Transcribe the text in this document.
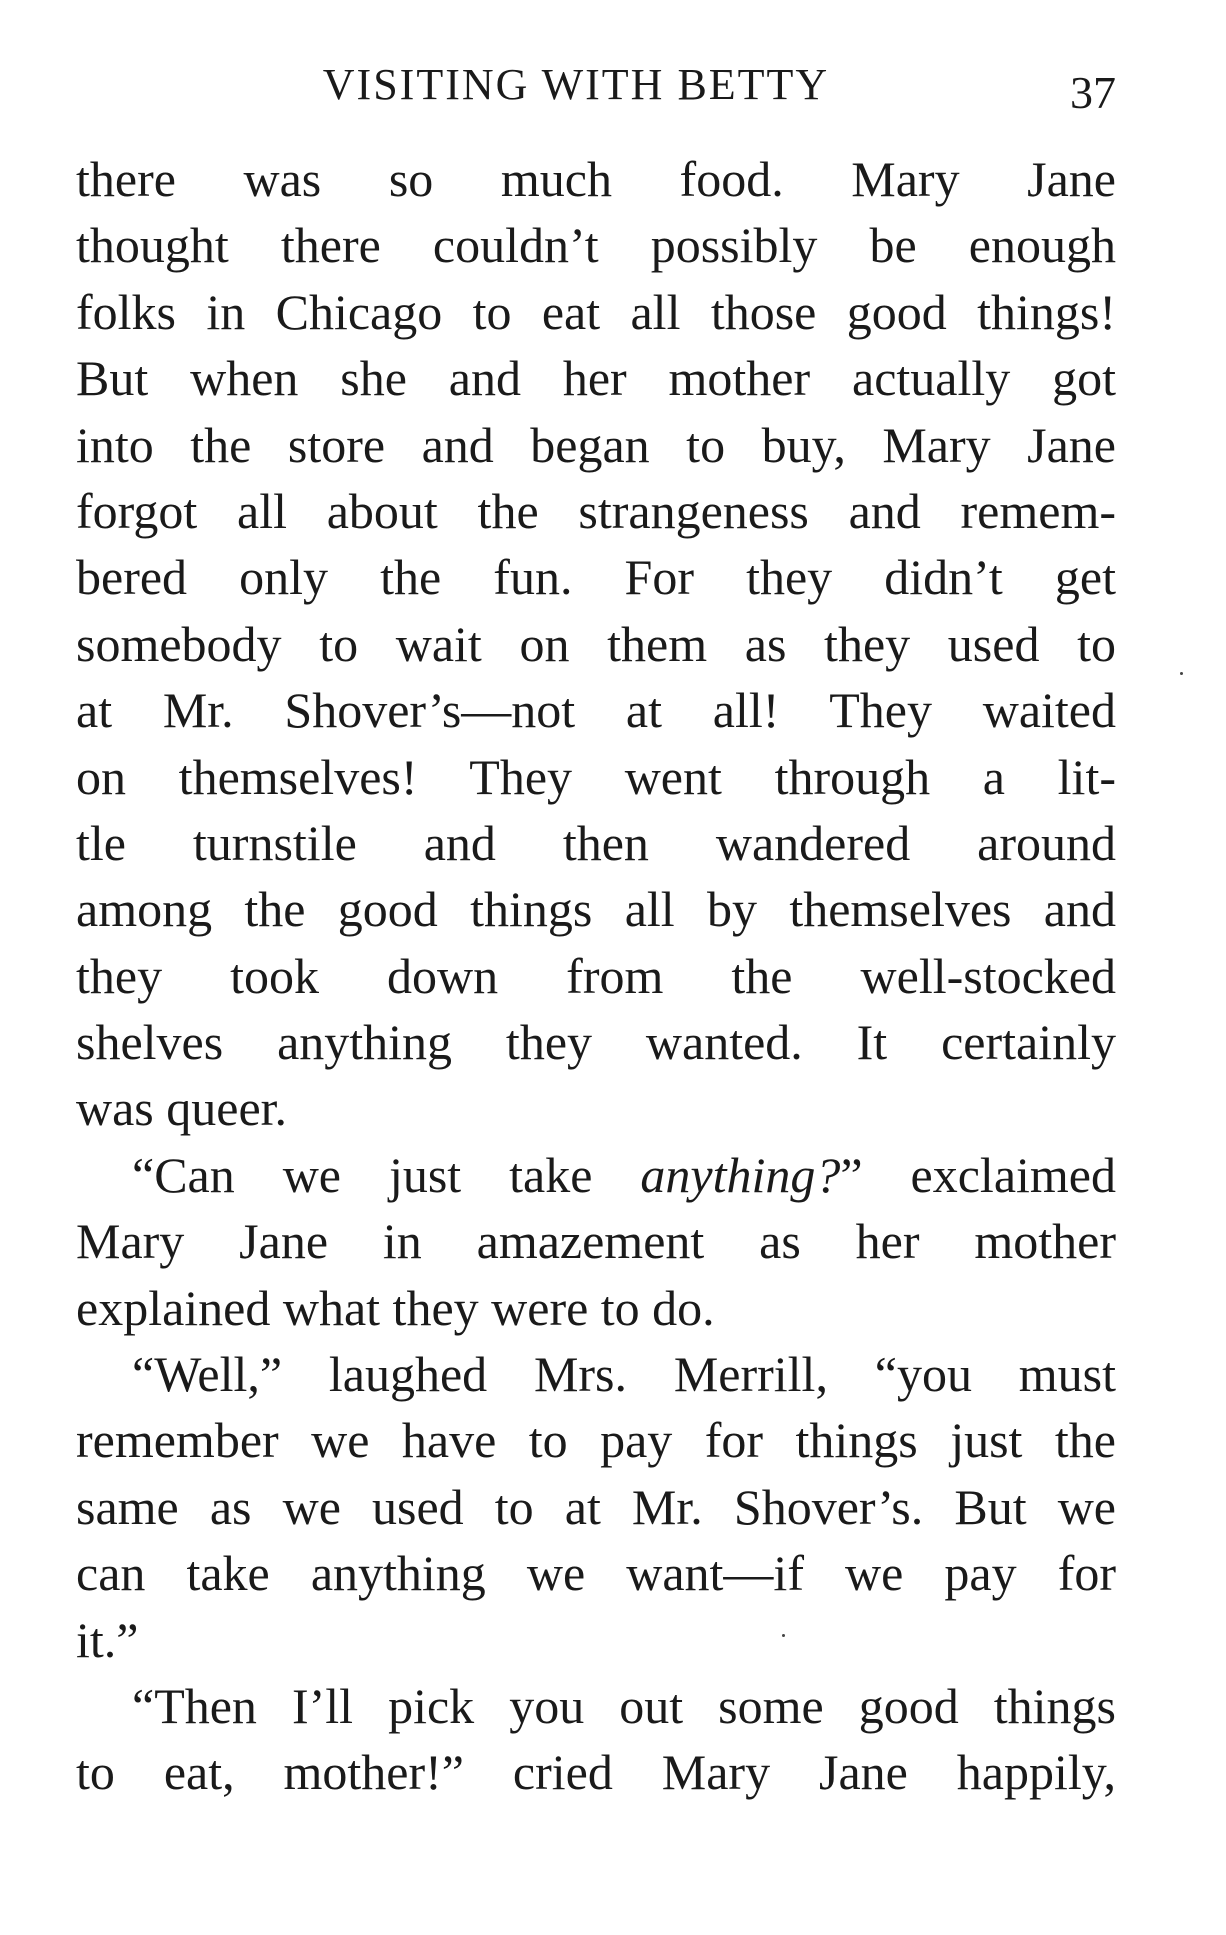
VISITING WITH BETTY	37
there was so much food. Mary Jane
thought there couldn’t possibly be enough
folks in Chicago to eat all those good things!
But when she and her mother actually got
into the store and began to buy, Mary Jane
forgot all about the strangeness and remem-
bered only the fun. For they didn’t get
somebody to wait on them as they used to
at Mr. Shover’s—not at all! They waited
on themselves! They went through a lit-
tle turnstile and then wandered around
among the good things all by themselves and
they took down from the well-stocked
shelves anything they wanted. It certainly
was queer.
“Can we just take anything?” exclaimed
Mary Jane in amazement as her mother
explained what they were to do.
“Well,” laughed Mrs. Merrill, “you must
remember we have to pay for things just the
same as we used to at Mr. Shover’s. But we
can take anything we want—if we pay for
it.”
“Then I’ll pick you out some good things
to eat, mother!” cried Mary Jane happily,
